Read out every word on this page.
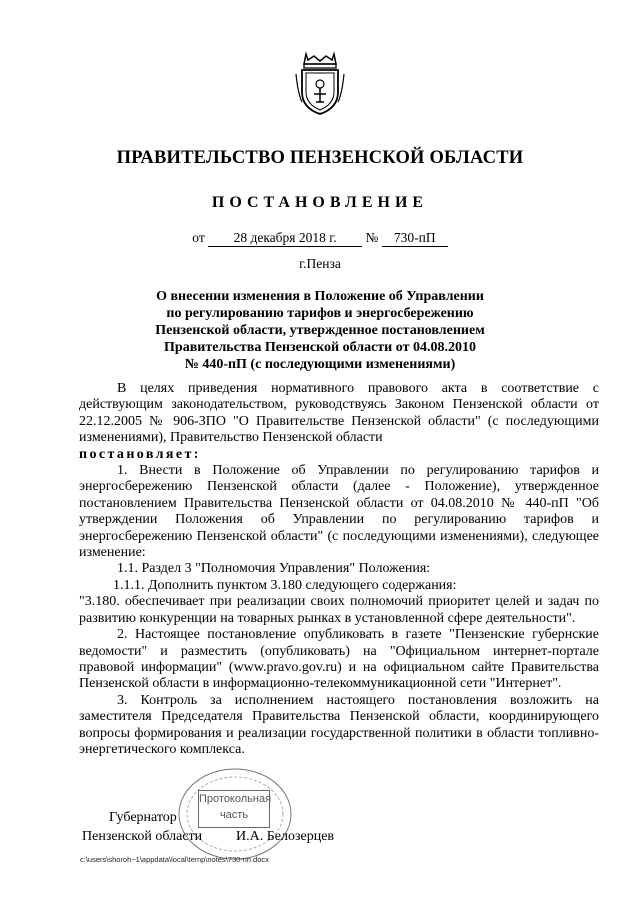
ПРАВИТЕЛЬСТВО ПЕНЗЕНСКОЙ ОБЛАСТИ
ПОСТАНОВЛЕНИЕ
от 28 декабря 2018 г. № 730-пП
г.Пенза
О внесении изменения в Положение об Управлении
по регулированию тарифов и энергосбережению
Пензенской области, утвержденное постановлением
Правительства Пензенской области от 04.08.2010
№ 440-пП (с последующими изменениями)

В целях приведения нормативного правового акта в соответствие с действующим законодательством, руководствуясь Законом Пензенской области от 22.12.2005 № 906-ЗПО "О Правительстве Пензенской области" (с последующими изменениями), Правительство Пензенской области

постановляет:

1. Внести в Положение об Управлении по регулированию тарифов и энергосбережению Пензенской области (далее - Положение), утвержденное постановлением Правительства Пензенской области от 04.08.2010 № 440-пП "Об утверждении Положения об Управлении по регулированию тарифов и энергосбережению Пензенской области" (с последующими изменениями), следующее изменение:

1.1. Раздел 3 "Полномочия Управления" Положения:

1.1.1. Дополнить пунктом 3.180 следующего содержания:

"3.180. обеспечивает при реализации своих полномочий приоритет целей и задач по развитию конкуренции на товарных рынках в установленной сфере деятельности".

2. Настоящее постановление опубликовать в газете "Пензенские губернские ведомости" и разместить (опубликовать) на "Официальном интернет-портале правовой информации" (www.pravo.gov.ru) и на официальном сайте Правительства Пензенской области в информационно-телекоммуникационной сети "Интернет".

3. Контроль за исполнением настоящего постановления возложить на заместителя Председателя Правительства Пензенской области, координирующего вопросы формирования и реализации государственной политики в области топливно-энергетического комплекса.

Протокольная
часть
Губернатор
Пензенской области И.А. Белозерцев
c:\users\shoroh~1\appdata\local\temp\notes\730-пп.docx
